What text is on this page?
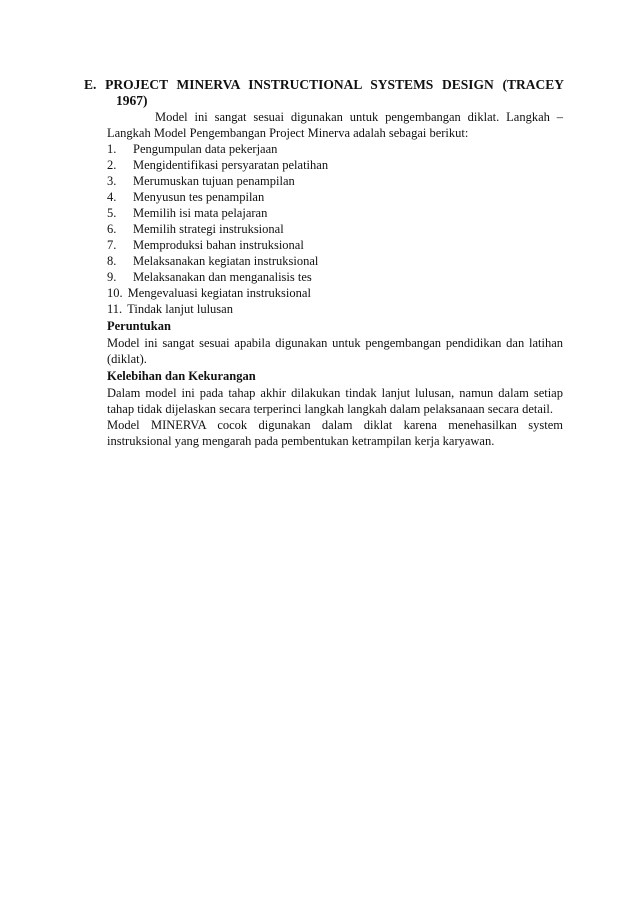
E. PROJECT MINERVA INSTRUCTIONAL SYSTEMS DESIGN (TRACEY
1967)

Model ini sangat sesuai digunakan untuk pengembangan diklat. Langkah – Langkah Model Pengembangan Project Minerva adalah sebagai berikut:

1.	Pengumpulan data pekerjaan
2.	Mengidentifikasi persyaratan pelatihan
3.	Merumuskan tujuan penampilan
4.	Menyusun tes penampilan
5.	Memilih isi mata pelajaran
6.	Memilih strategi instruksional
7.	Memproduksi bahan instruksional
8.	Melaksanakan kegiatan instruksional
9.	Melaksanakan dan menganalisis tes
10. Mengevaluasi kegiatan instruksional
11. Tindak lanjut lulusan

Peruntukan

Model ini sangat sesuai apabila digunakan untuk pengembangan pendidikan dan latihan (diklat).

Kelebihan dan Kekurangan

Dalam model ini pada tahap akhir dilakukan tindak lanjut lulusan, namun dalam setiap tahap tidak dijelaskan secara terperinci langkah langkah dalam pelaksanaan secara detail.

Model MINERVA cocok digunakan dalam diklat karena menehasilkan system instruksional yang mengarah pada pembentukan ketrampilan kerja karyawan.
